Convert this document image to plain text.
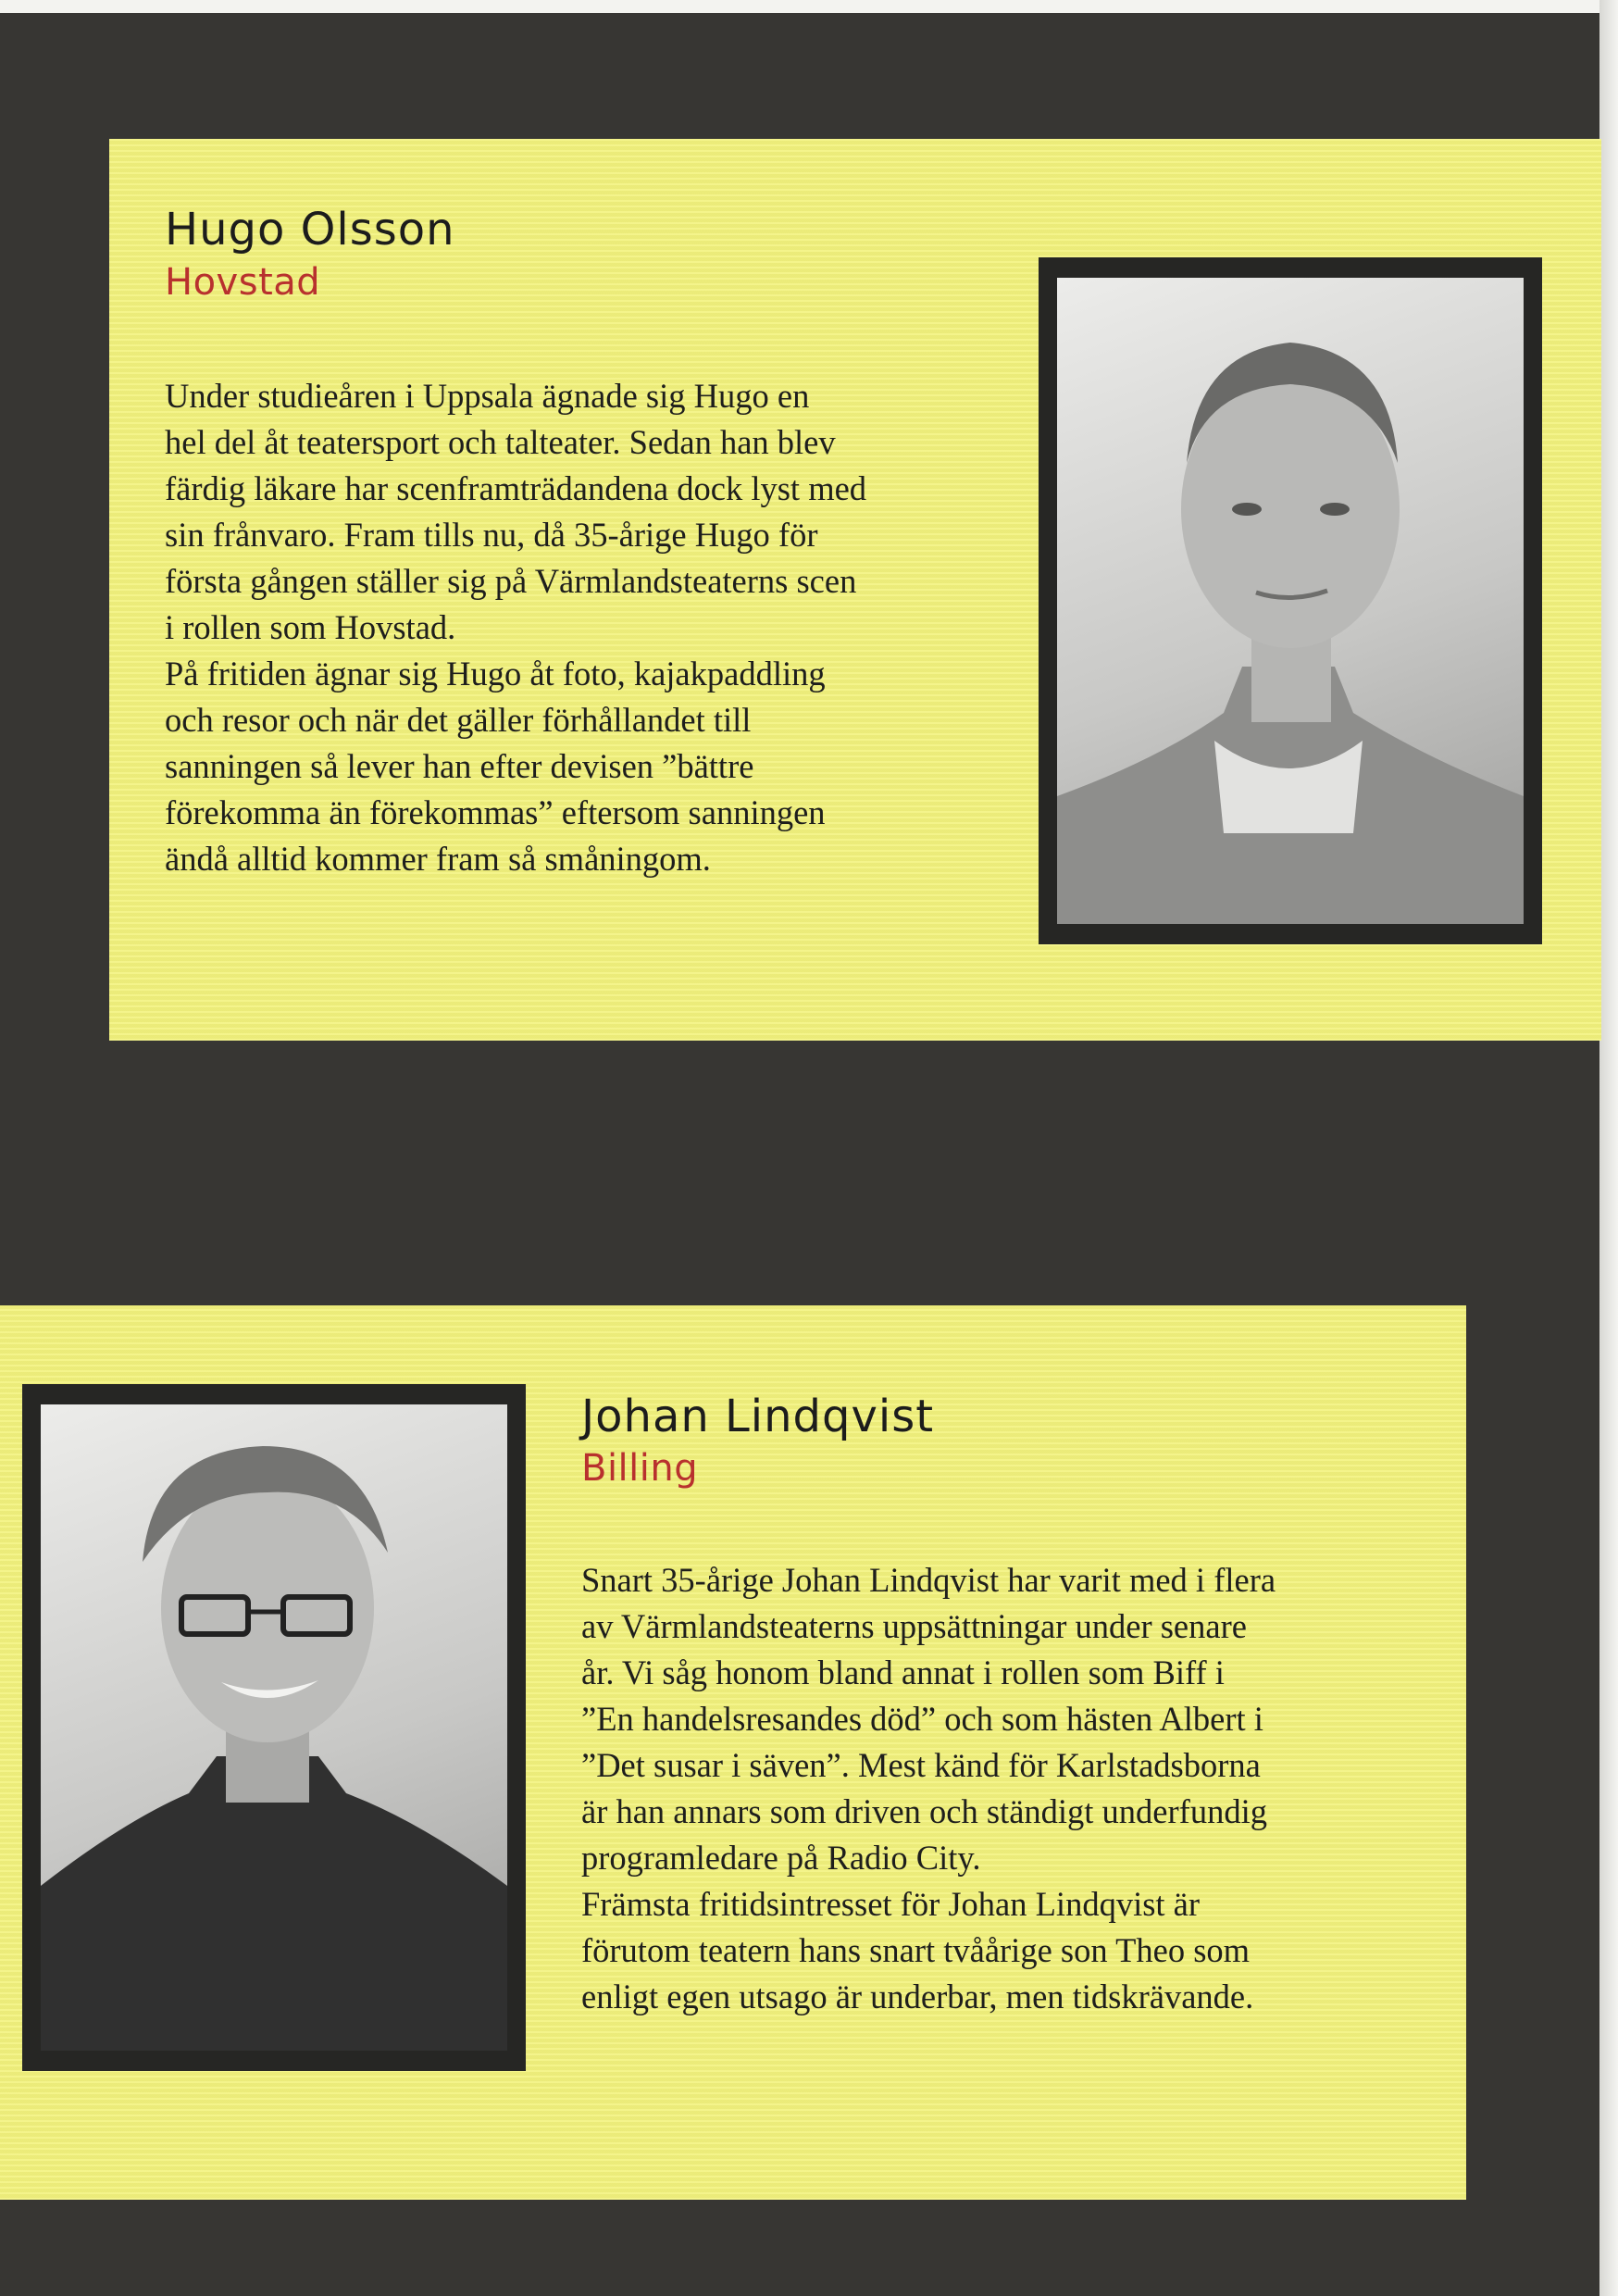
Hugo Olsson
Hovstad

Under studieåren i Uppsala ägnade sig Hugo en
hel del åt teatersport och talteater. Sedan han blev
färdig läkare har scenframträdandena dock lyst med
sin frånvaro. Fram tills nu, då 35-årige Hugo för
första gången ställer sig på Värmlandsteaterns scen
i rollen som Hovstad.
På fritiden ägnar sig Hugo åt foto, kajakpaddling
och resor och när det gäller förhållandet till
sanningen så lever han efter devisen ”bättre
förekomma än förekommas” eftersom sanningen
ändå alltid kommer fram så småningom.

Johan Lindqvist
Billing

Snart 35-årige Johan Lindqvist har varit med i flera
av Värmlandsteaterns uppsättningar under senare
år. Vi såg honom bland annat i rollen som Biff i
”En handelsresandes död” och som hästen Albert i
”Det susar i säven”. Mest känd för Karlstadsborna
är han annars som driven och ständigt underfundig
programledare på Radio City.
Främsta fritidsintresset för Johan Lindqvist är
förutom teatern hans snart tvåårige son Theo som
enligt egen utsago är underbar, men tidskrävande.
